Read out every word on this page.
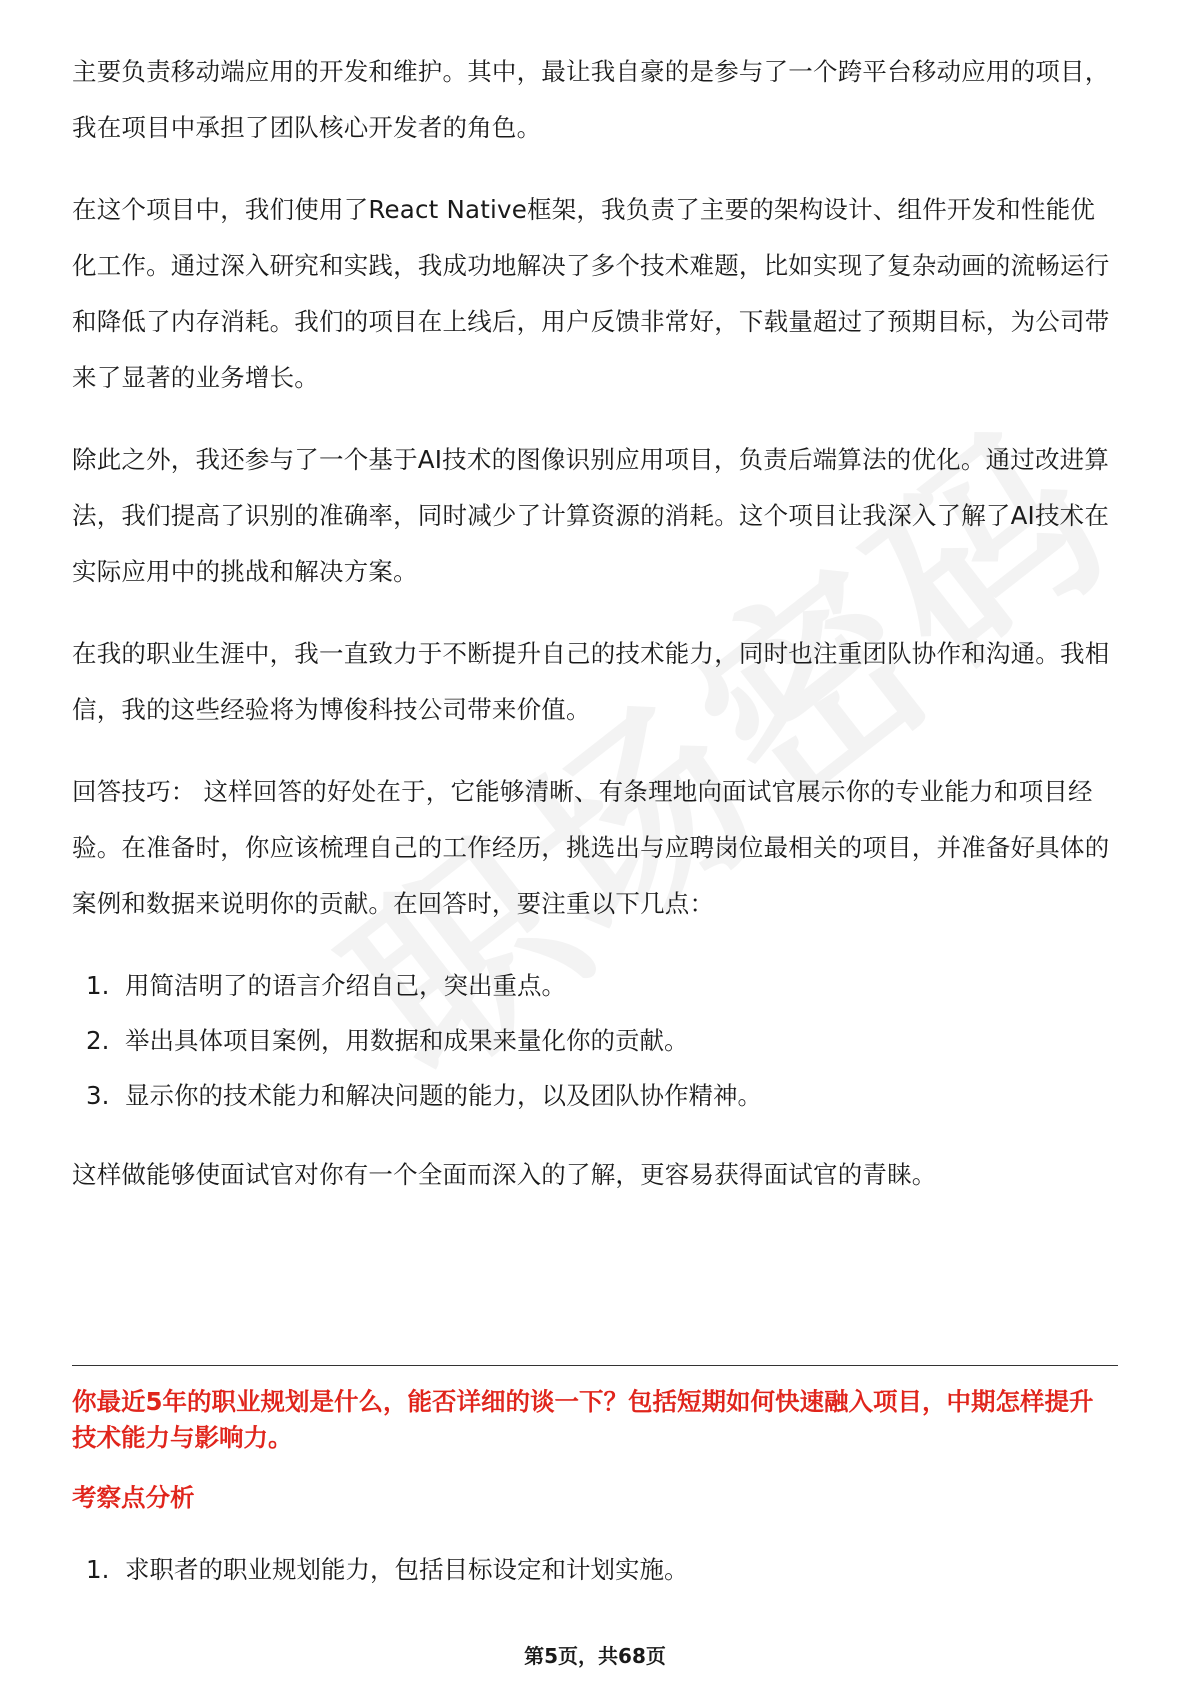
主要负责移动端应用的开发和维护。其中，最让我自豪的是参与了一个跨平台移动应用的项目，我在项目中承担了团队核心开发者的角色。

在这个项目中，我们使用了React Native框架，我负责了主要的架构设计、组件开发和性能优化工作。通过深入研究和实践，我成功地解决了多个技术难题，比如实现了复杂动画的流畅运行和降低了内存消耗。我们的项目在上线后，用户反馈非常好，下载量超过了预期目标，为公司带来了显著的业务增长。

除此之外，我还参与了一个基于AI技术的图像识别应用项目，负责后端算法的优化。通过改进算法，我们提高了识别的准确率，同时减少了计算资源的消耗。这个项目让我深入了解了AI技术在实际应用中的挑战和解决方案。

在我的职业生涯中，我一直致力于不断提升自己的技术能力，同时也注重团队协作和沟通。我相信，我的这些经验将为博俊科技公司带来价值。

回答技巧： 这样回答的好处在于，它能够清晰、有条理地向面试官展示你的专业能力和项目经验。在准备时，你应该梳理自己的工作经历，挑选出与应聘岗位最相关的项目，并准备好具体的案例和数据来说明你的贡献。在回答时，要注重以下几点：

1. 用简洁明了的语言介绍自己，突出重点。
2. 举出具体项目案例，用数据和成果来量化你的贡献。
3. 显示你的技术能力和解决问题的能力，以及团队协作精神。

这样做能够使面试官对你有一个全面而深入的了解，更容易获得面试官的青睐。

你最近5年的职业规划是什么，能否详细的谈一下？包括短期如何快速融入项目，中期怎样提升技术能力与影响力。

考察点分析

1. 求职者的职业规划能力，包括目标设定和计划实施。
第5页，共68页
